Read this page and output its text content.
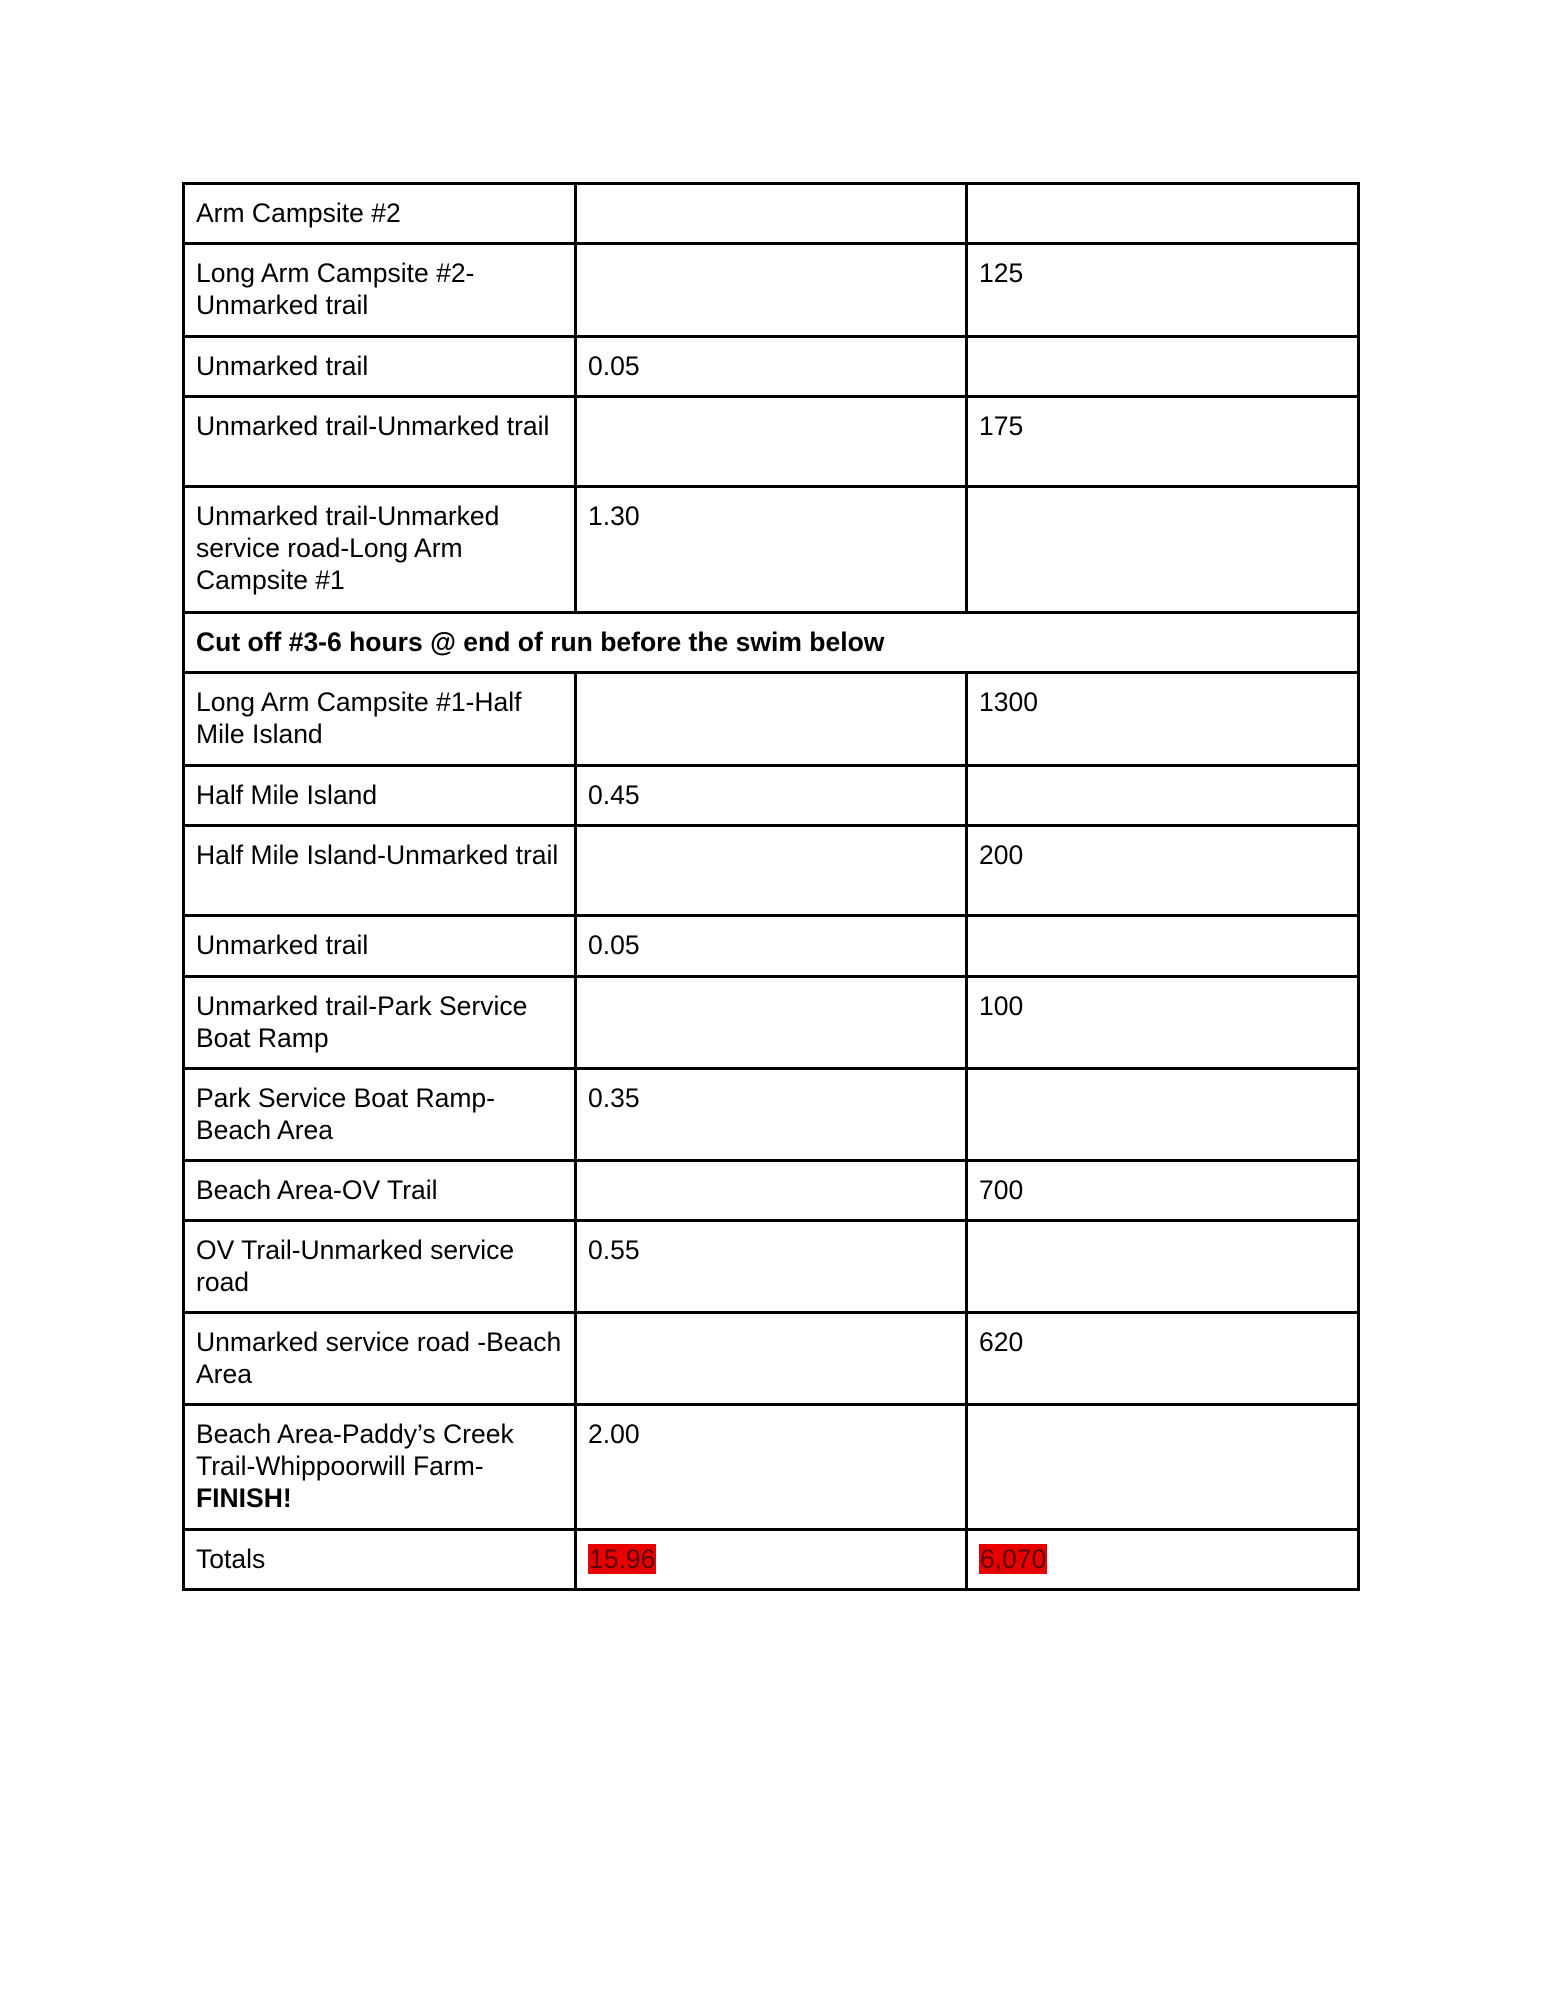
Arm Campsite #2		
Long Arm Campsite #2-Unmarked trail		125
Unmarked trail	0.05	
Unmarked trail-Unmarked trail		175
Unmarked trail-Unmarked service road-Long Arm Campsite #1	1.30	
Cut off #3-6 hours @ end of run before the swim below		
Long Arm Campsite #1-Half Mile Island		1300
Half Mile Island	0.45	
Half Mile Island-Unmarked trail		200
Unmarked trail	0.05	
Unmarked trail-Park Service Boat Ramp		100
Park Service Boat Ramp-Beach Area	0.35	
Beach Area-OV Trail		700
OV Trail-Unmarked service road	0.55	
Unmarked service road -Beach Area		620
Beach Area-Paddy’s Creek Trail-Whippoorwill Farm-FINISH!	2.00	
Totals	15.96	6,070
